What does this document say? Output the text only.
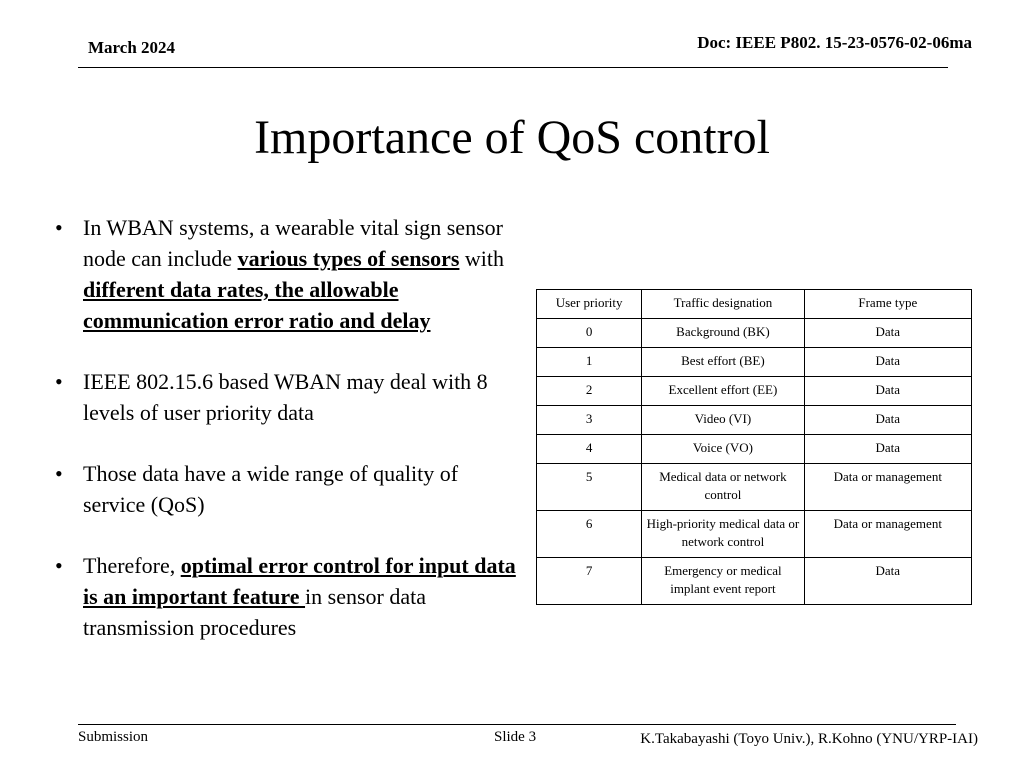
March 2024	Doc: IEEE P802. 15-23-0576-02-06ma
Importance of QoS control
• In WBAN systems, a wearable vital sign sensor node can include various types of sensors with different data rates, the allowable communication error ratio and delay
• IEEE 802.15.6 based WBAN may deal with 8 levels of user priority data
• Those data have a wide range of quality of service (QoS)
• Therefore, optimal error control for input data is an important feature in sensor data transmission procedures
User priority	Traffic designation	Frame type
0	Background (BK)	Data
1	Best effort (BE)	Data
2	Excellent effort (EE)	Data
3	Video (VI)	Data
4	Voice (VO)	Data
5	Medical data or network control	Data or management
6	High-priority medical data or network control	Data or management
7	Emergency or medical implant event report	Data
Submission	Slide 3	K.Takabayashi (Toyo Univ.), R.Kohno (YNU/YRP-IAI)
